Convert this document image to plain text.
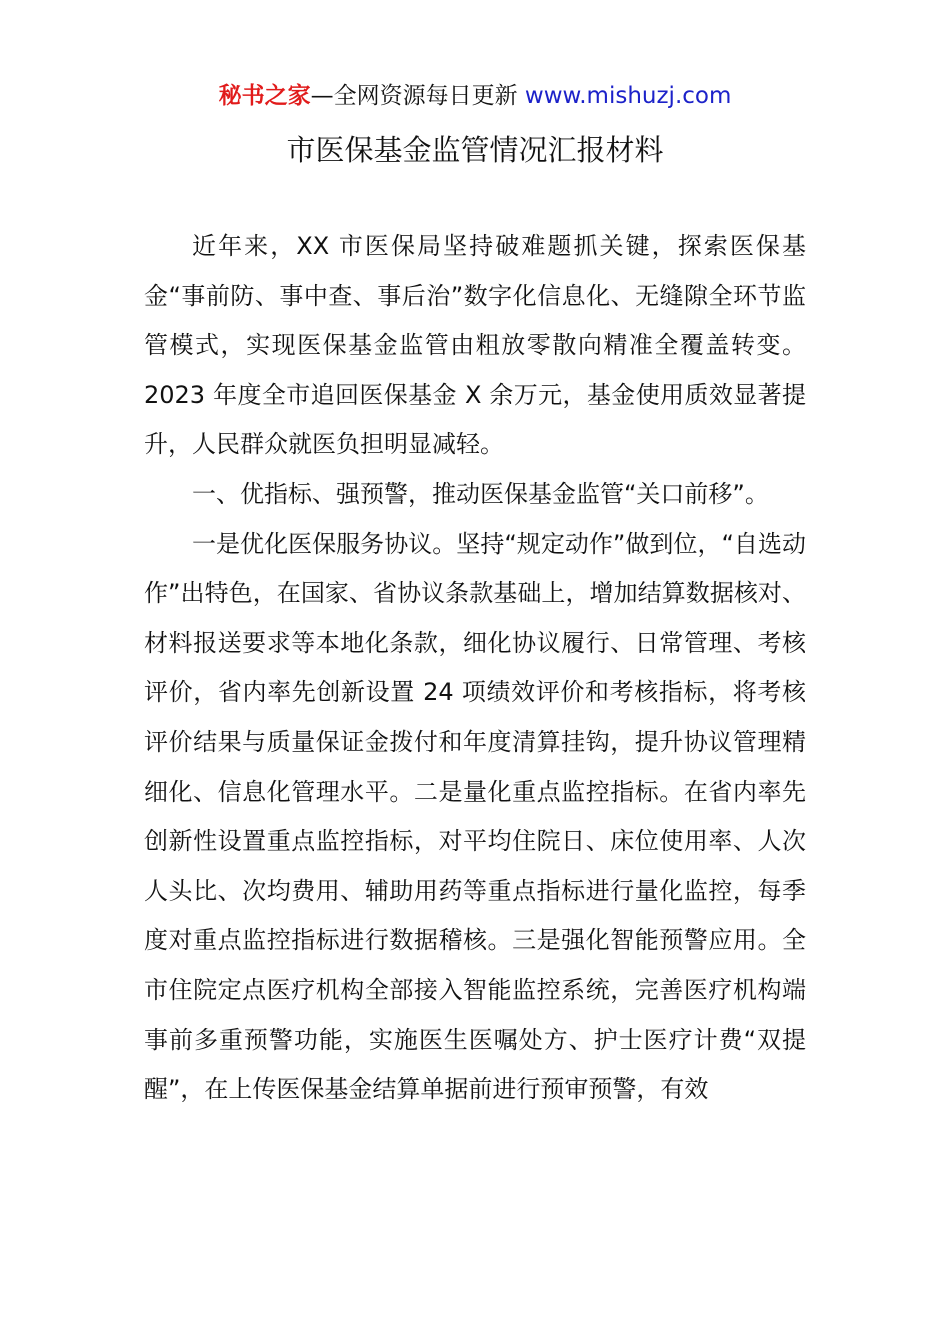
秘书之家—全网资源每日更新 www.mishuzj.com
市医保基金监管情况汇报材料

近年来，XX 市医保局坚持破难题抓关键，探索医保基金“事前防、事中查、事后治”数字化信息化、无缝隙全环节监管模式，实现医保基金监管由粗放零散向精准全覆盖转变。2023 年度全市追回医保基金 X 余万元，基金使用质效显著提升，人民群众就医负担明显减轻。

一、优指标、强预警，推动医保基金监管“关口前移”。

一是优化医保服务协议。坚持“规定动作”做到位，“自选动作”出特色，在国家、省协议条款基础上，增加结算数据核对、材料报送要求等本地化条款，细化协议履行、日常管理、考核评价，省内率先创新设置 24 项绩效评价和考核指标，将考核评价结果与质量保证金拨付和年度清算挂钩，提升协议管理精细化、信息化管理水平。二是量化重点监控指标。在省内率先创新性设置重点监控指标，对平均住院日、床位使用率、人次人头比、次均费用、辅助用药等重点指标进行量化监控，每季度对重点监控指标进行数据稽核。三是强化智能预警应用。全市住院定点医疗机构全部接入智能监控系统，完善医疗机构端事前多重预警功能，实施医生医嘱处方、护士医疗计费“双提醒”，在上传医保基金结算单据前进行预审预警，有效
